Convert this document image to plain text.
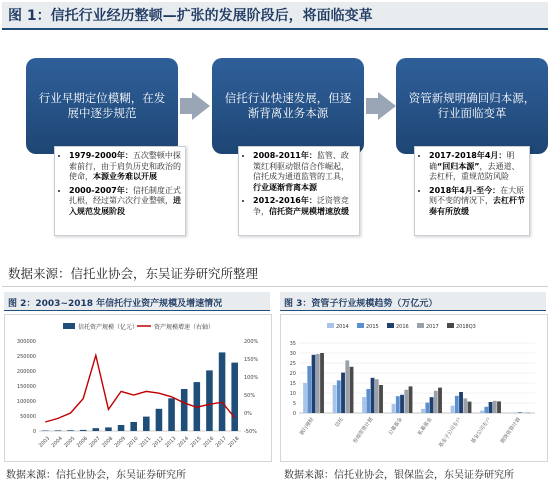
图 1：信托行业经历整顿—扩张的发展阶段后，将面临变革
行业早期定位模糊，在发展中逐步规范
信托行业快速发展，但逐渐背离业务本源
资管新规明确回归本源，行业面临变革
• 1979-2000年：五次整顿中探索前行，由于肩负历史和政治的使命，本源业务难以开展
• 2000-2007年：信托制度正式扎根，经过第六次行业整顿，进入规范发展阶段
• 2008-2011年：监管、政策红利驱动银信合作崛起，信托成为通道监管的工具，行业逐渐背离本源
• 2012-2016年：泛资管竞争，信托资产规模增速放缓
• 2017-2018年4月：明确“回归本源”，去通道、去杠杆，重规范防风险
• 2018年4月-至今：在大原则不变的情况下，去杠杆节奏有所放缓
数据来源：信托业协会，东吴证券研究所整理
图 2：2003~2018 年信托行业资产规模及增速情况
信托资产规模（亿元）	资产规模增速（右轴）
0
50000
100000
150000
200000
250000
300000
-50%
0%
50%
100%
150%
200%
2003 2004 2005 2006 2007 2008 2009 2010 2011 2012 2013 2014 2015 2016 2017 2018
数据来源：信托业协会，东吴证券研究所
图 3：资管子行业规模趋势（万亿元）
2014	2015	2016	2017	2018Q3
0
5
10
15
20
25
30
35
银行理财	信托 券商资管计划	公募基金	私募基金 基金子公司专户 基金公司专户 期货资管计划
数据来源：信托业协会，银保监会，东吴证券研究所
